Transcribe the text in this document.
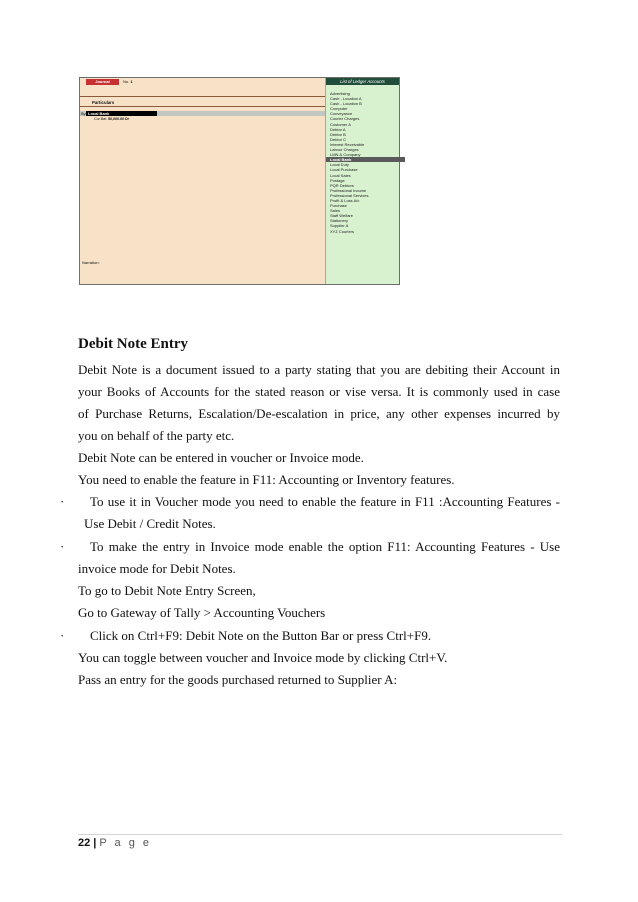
Journal	No. 1
Particulars
By Local Bank
Cur Bal: 50,000.00 Dr
Narration:
List of Ledger Accounts
Advertising
Cash - Location A
Cash - Location B
Computer
Conveyance
Courier Charges
Customer A
Debtor A
Debtor B
Debtor C
Interest Receivable
Labour Charges
LMN & Company
Local Bank
Local Duty
Local Purchase
Local Sales
Postage
PQR Debtors
Professional Income
Professional Services
Profit & Loss A/c
Purchase
Sales
Staff Welfare
Stationery
Supplier A
XYZ Couriers
Debit Note Entry

Debit Note is a document issued to a party stating that you are debiting their Account in

your Books of Accounts for the stated reason or vise versa. It is commonly used in case

of Purchase Returns, Escalation/De-escalation in price, any other expenses incurred by

you on behalf of the party etc.

Debit Note can be entered in voucher or Invoice mode.

You need to enable the feature in F11: Accounting or Inventory features.

· To use it in Voucher mode you need to enable the feature in F11 :Accounting Features -

Use Debit / Credit Notes.

· To make the entry in Invoice mode enable the option F11: Accounting Features - Use

invoice mode for Debit Notes.

To go to Debit Note Entry Screen,

Go to Gateway of Tally > Accounting Vouchers

· Click on Ctrl+F9: Debit Note on the Button Bar or press Ctrl+F9.

You can toggle between voucher and Invoice mode by clicking Ctrl+V.

Pass an entry for the goods purchased returned to Supplier A:

22 | P a g e
